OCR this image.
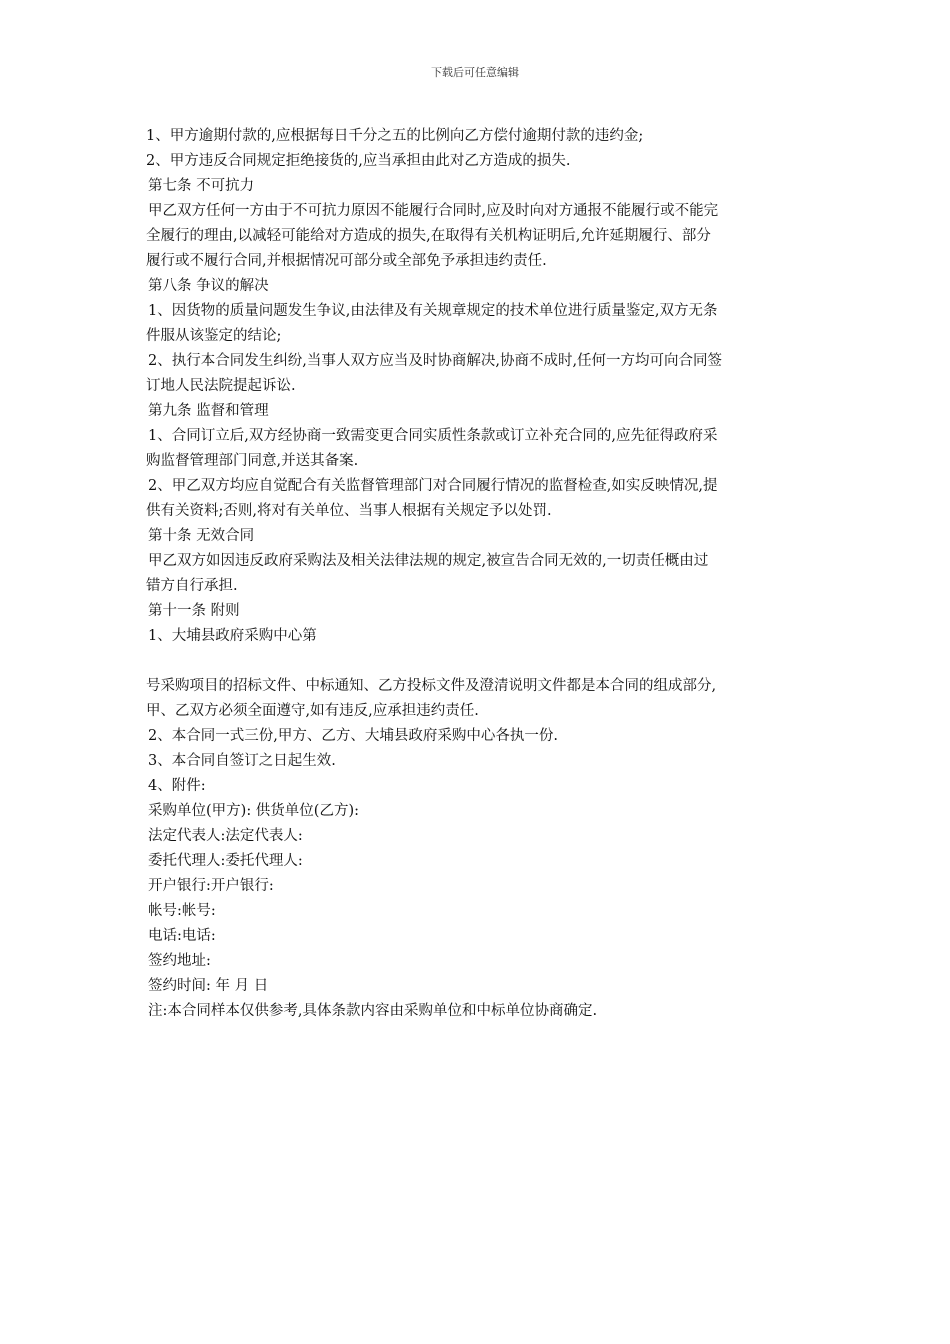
下载后可任意编辑
1、甲方逾期付款的,应根据每日千分之五的比例向乙方偿付逾期付款的违约金;
2、甲方违反合同规定拒绝接货的,应当承担由此对乙方造成的损失.
第七条 不可抗力
甲乙双方任何一方由于不可抗力原因不能履行合同时,应及时向对方通报不能履行或不能完
全履行的理由,以减轻可能给对方造成的损失,在取得有关机构证明后,允许延期履行、部分
履行或不履行合同,并根据情况可部分或全部免予承担违约责任.
第八条 争议的解决
1、因货物的质量问题发生争议,由法律及有关规章规定的技术单位进行质量鉴定,双方无条
件服从该鉴定的结论;
2、执行本合同发生纠纷,当事人双方应当及时协商解决,协商不成时,任何一方均可向合同签
订地人民法院提起诉讼.
第九条 监督和管理
1、合同订立后,双方经协商一致需变更合同实质性条款或订立补充合同的,应先征得政府采
购监督管理部门同意,并送其备案.
2、甲乙双方均应自觉配合有关监督管理部门对合同履行情况的监督检查,如实反映情况,提
供有关资料;否则,将对有关单位、当事人根据有关规定予以处罚.
第十条 无效合同
甲乙双方如因违反政府采购法及相关法律法规的规定,被宣告合同无效的,一切责任概由过
错方自行承担.
第十一条 附则
1、大埔县政府采购中心第
号采购项目的招标文件、中标通知、乙方投标文件及澄清说明文件都是本合同的组成部分,
甲、乙双方必须全面遵守,如有违反,应承担违约责任.
2、本合同一式三份,甲方、乙方、大埔县政府采购中心各执一份.
3、本合同自签订之日起生效.
4、附件:
采购单位(甲方): 供货单位(乙方):
法定代表人:法定代表人:
委托代理人:委托代理人:
开户银行:开户银行:
帐号:帐号:
电话:电话:
签约地址:
签约时间: 年 月 日
注:本合同样本仅供参考,具体条款内容由采购单位和中标单位协商确定.
